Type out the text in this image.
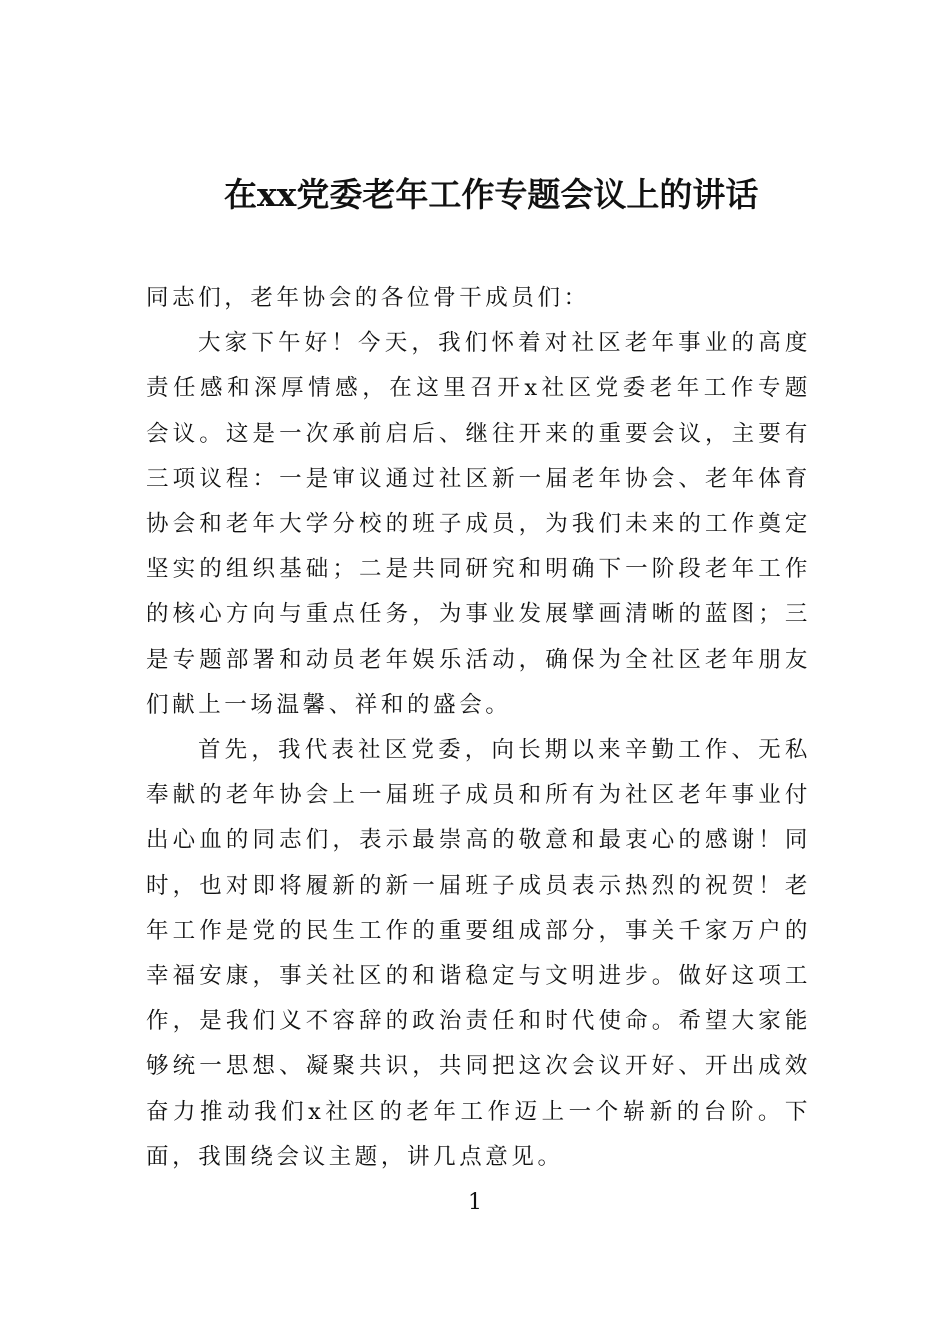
在xx党委老年工作专题会议上的讲话

同志们，老年协会的各位骨干成员们：

大家下午好！今天，我们怀着对社区老年事业的高度责任感和深厚情感，在这里召开x社区党委老年工作专题会议。这是一次承前启后、继往开来的重要会议，主要有三项议程：一是审议通过社区新一届老年协会、老年体育协会和老年大学分校的班子成员，为我们未来的工作奠定坚实的组织基础；二是共同研究和明确下一阶段老年工作的核心方向与重点任务，为事业发展擘画清晰的蓝图；三是专题部署和动员老年娱乐活动，确保为全社区老年朋友们献上一场温馨、祥和的盛会。

首先，我代表社区党委，向长期以来辛勤工作、无私奉献的老年协会上一届班子成员和所有为社区老年事业付出心血的同志们，表示最崇高的敬意和最衷心的感谢！同时，也对即将履新的新一届班子成员表示热烈的祝贺！老年工作是党的民生工作的重要组成部分，事关千家万户的幸福安康，事关社区的和谐稳定与文明进步。做好这项工作，是我们义不容辞的政治责任和时代使命。希望大家能够统一思想、凝聚共识，共同把这次会议开好、开出成效奋力推动我们x社区的老年工作迈上一个崭新的台阶。下面，我围绕会议主题，讲几点意见。

1
